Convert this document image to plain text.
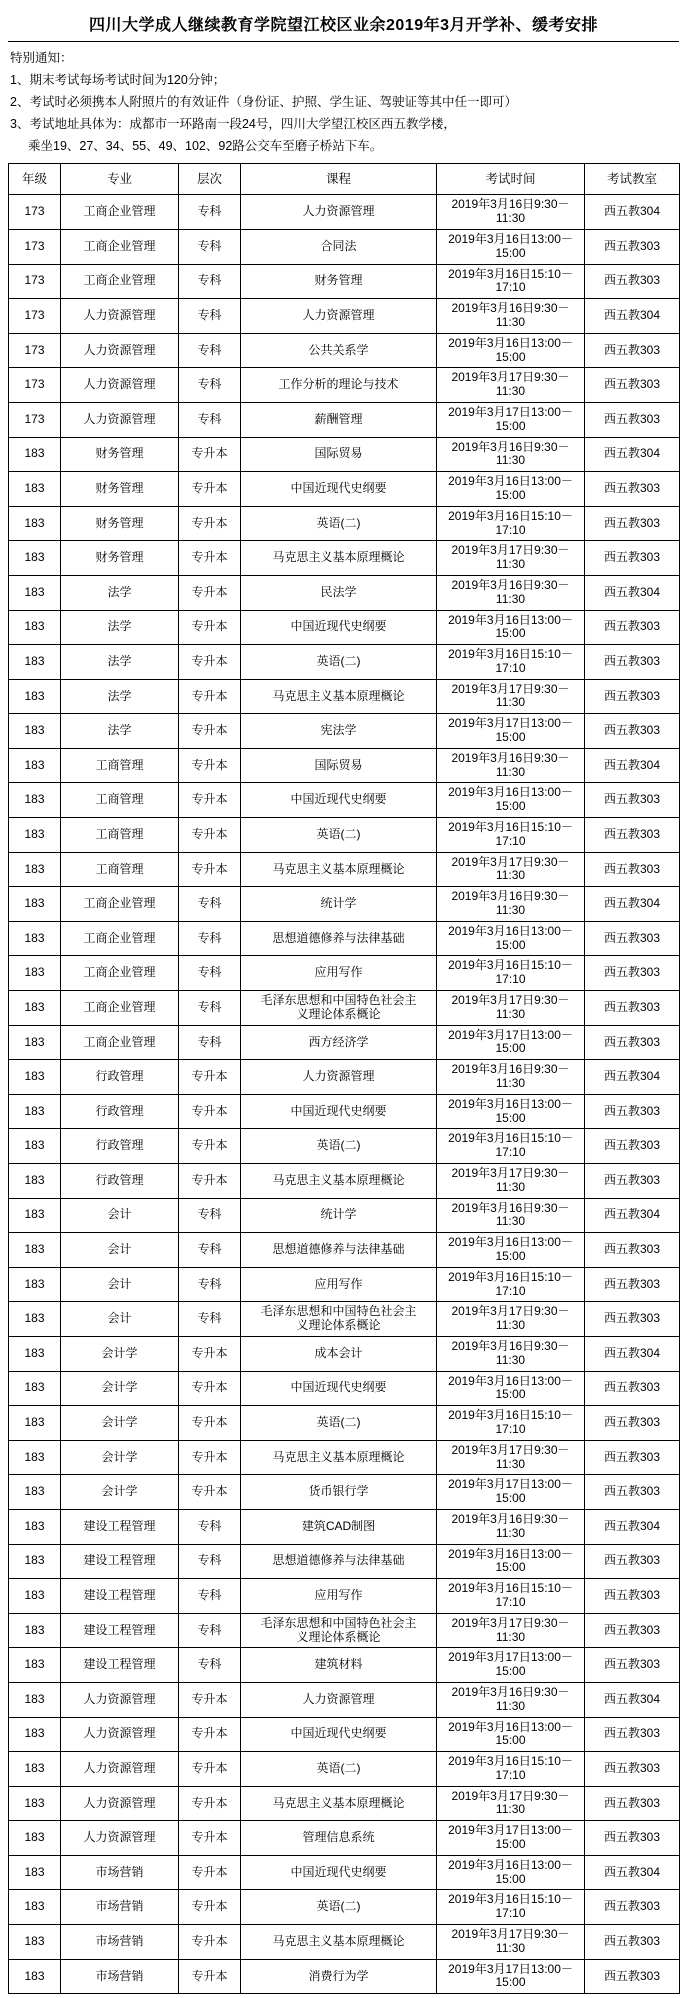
四川大学成人继续教育学院望江校区业余2019年3月开学补、缓考安排
特别通知：
1、期末考试每场考试时间为120分钟；
2、考试时必须携本人附照片的有效证件（身份证、护照、学生证、驾驶证等其中任一即可）
3、考试地址具体为：成都市一环路南一段24号，四川大学望江校区西五教学楼，
乘坐19、27、34、55、49、102、92路公交车至磨子桥站下车。
年级	专业	层次	课程	考试时间	考试教室
173	工商企业管理	专科	人力资源管理	2019年3月16日9:30－11:30	西五教304
173	工商企业管理	专科	合同法	2019年3月16日13:00－15:00	西五教303
173	工商企业管理	专科	财务管理	2019年3月16日15:10－17:10	西五教303
173	人力资源管理	专科	人力资源管理	2019年3月16日9:30－11:30	西五教304
173	人力资源管理	专科	公共关系学	2019年3月16日13:00－15:00	西五教303
173	人力资源管理	专科	工作分析的理论与技术	2019年3月17日9:30－11:30	西五教303
173	人力资源管理	专科	薪酬管理	2019年3月17日13:00－15:00	西五教303
183	财务管理	专升本	国际贸易	2019年3月16日9:30－11:30	西五教304
183	财务管理	专升本	中国近现代史纲要	2019年3月16日13:00－15:00	西五教303
183	财务管理	专升本	英语(二)	2019年3月16日15:10－17:10	西五教303
183	财务管理	专升本	马克思主义基本原理概论	2019年3月17日9:30－11:30	西五教303
183	法学	专升本	民法学	2019年3月16日9:30－11:30	西五教304
183	法学	专升本	中国近现代史纲要	2019年3月16日13:00－15:00	西五教303
183	法学	专升本	英语(二)	2019年3月16日15:10－17:10	西五教303
183	法学	专升本	马克思主义基本原理概论	2019年3月17日9:30－11:30	西五教303
183	法学	专升本	宪法学	2019年3月17日13:00－15:00	西五教303
183	工商管理	专升本	国际贸易	2019年3月16日9:30－11:30	西五教304
183	工商管理	专升本	中国近现代史纲要	2019年3月16日13:00－15:00	西五教303
183	工商管理	专升本	英语(二)	2019年3月16日15:10－17:10	西五教303
183	工商管理	专升本	马克思主义基本原理概论	2019年3月17日9:30－11:30	西五教303
183	工商企业管理	专科	统计学	2019年3月16日9:30－11:30	西五教304
183	工商企业管理	专科	思想道德修养与法律基础	2019年3月16日13:00－15:00	西五教303
183	工商企业管理	专科	应用写作	2019年3月16日15:10－17:10	西五教303
183	工商企业管理	专科	毛泽东思想和中国特色社会主
义理论体系概论	2019年3月17日9:30－11:30	西五教303
183	工商企业管理	专科	西方经济学	2019年3月17日13:00－15:00	西五教303
183	行政管理	专升本	人力资源管理	2019年3月16日9:30－11:30	西五教304
183	行政管理	专升本	中国近现代史纲要	2019年3月16日13:00－15:00	西五教303
183	行政管理	专升本	英语(二)	2019年3月16日15:10－17:10	西五教303
183	行政管理	专升本	马克思主义基本原理概论	2019年3月17日9:30－11:30	西五教303
183	会计	专科	统计学	2019年3月16日9:30－11:30	西五教304
183	会计	专科	思想道德修养与法律基础	2019年3月16日13:00－15:00	西五教303
183	会计	专科	应用写作	2019年3月16日15:10－17:10	西五教303
183	会计	专科	毛泽东思想和中国特色社会主
义理论体系概论	2019年3月17日9:30－11:30	西五教303
183	会计学	专升本	成本会计	2019年3月16日9:30－11:30	西五教304
183	会计学	专升本	中国近现代史纲要	2019年3月16日13:00－15:00	西五教303
183	会计学	专升本	英语(二)	2019年3月16日15:10－17:10	西五教303
183	会计学	专升本	马克思主义基本原理概论	2019年3月17日9:30－11:30	西五教303
183	会计学	专升本	货币银行学	2019年3月17日13:00－15:00	西五教303
183	建设工程管理	专科	建筑CAD制图	2019年3月16日9:30－11:30	西五教304
183	建设工程管理	专科	思想道德修养与法律基础	2019年3月16日13:00－15:00	西五教303
183	建设工程管理	专科	应用写作	2019年3月16日15:10－17:10	西五教303
183	建设工程管理	专科	毛泽东思想和中国特色社会主
义理论体系概论	2019年3月17日9:30－11:30	西五教303
183	建设工程管理	专科	建筑材料	2019年3月17日13:00－15:00	西五教303
183	人力资源管理	专升本	人力资源管理	2019年3月16日9:30－11:30	西五教304
183	人力资源管理	专升本	中国近现代史纲要	2019年3月16日13:00－15:00	西五教303
183	人力资源管理	专升本	英语(二)	2019年3月16日15:10－17:10	西五教303
183	人力资源管理	专升本	马克思主义基本原理概论	2019年3月17日9:30－11:30	西五教303
183	人力资源管理	专升本	管理信息系统	2019年3月17日13:00－15:00	西五教303
183	市场营销	专升本	中国近现代史纲要	2019年3月16日13:00－15:00	西五教304
183	市场营销	专升本	英语(二)	2019年3月16日15:10－17:10	西五教303
183	市场营销	专升本	马克思主义基本原理概论	2019年3月17日9:30－11:30	西五教303
183	市场营销	专升本	消费行为学	2019年3月17日13:00－15:00	西五教303
